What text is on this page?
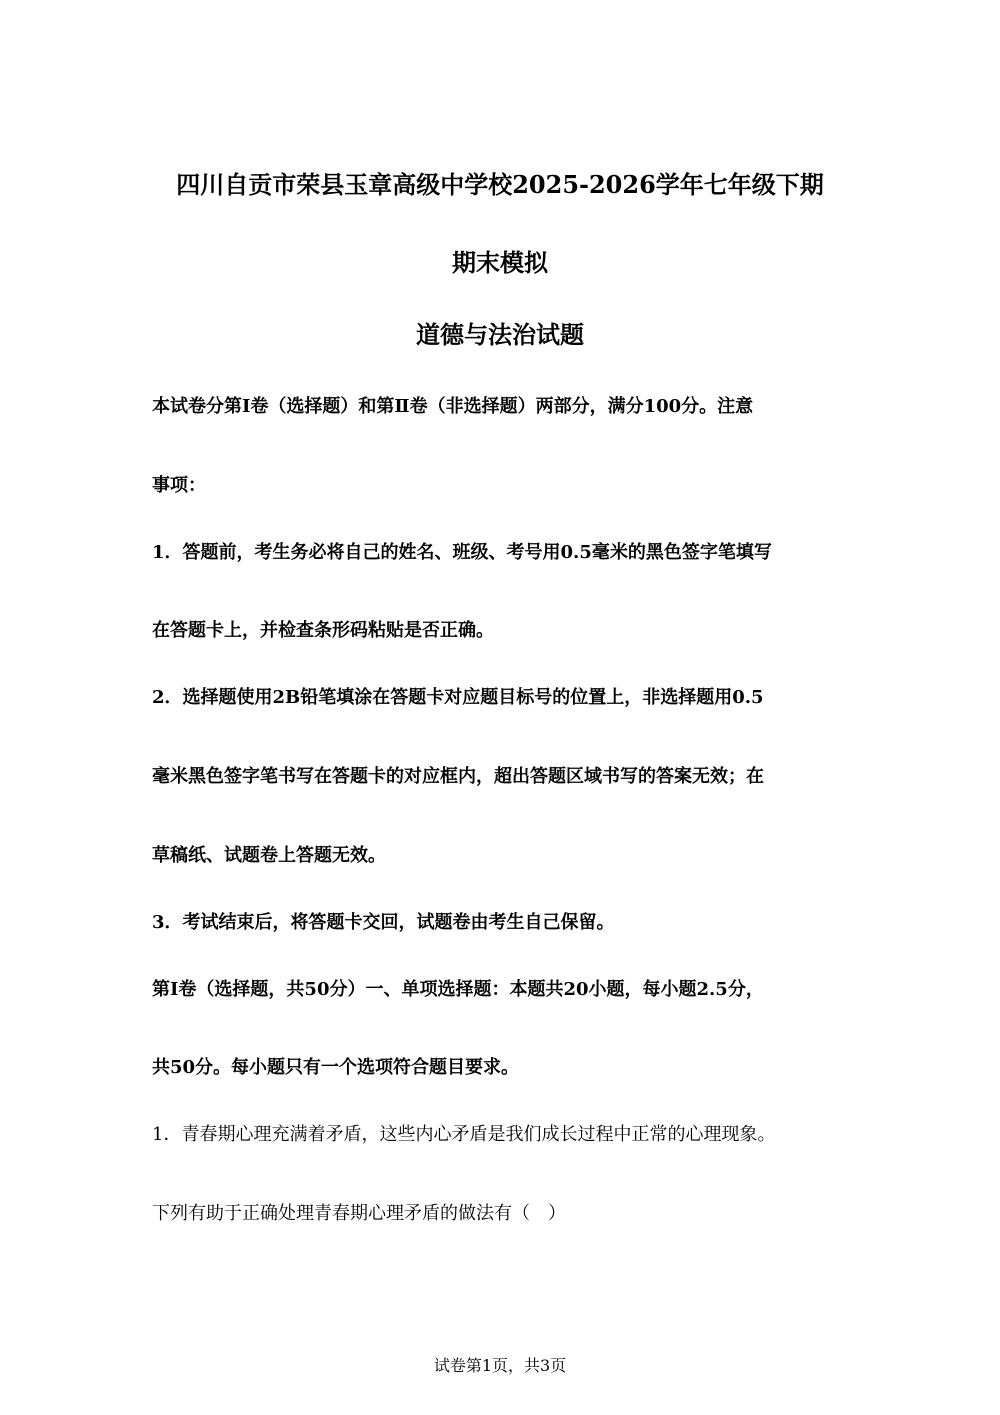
四川自贡市荣县玉章高级中学校2025-2026学年七年级下期
期末模拟
道德与法治试题
本试卷分第Ⅰ卷（选择题）和第Ⅱ卷（非选择题）两部分，满分100分。注意
事项：
1．答题前，考生务必将自己的姓名、班级、考号用0.5毫米的黑色签字笔填写
在答题卡上，并检查条形码粘贴是否正确。
2．选择题使用2B铅笔填涂在答题卡对应题目标号的位置上，非选择题用0.5
毫米黑色签字笔书写在答题卡的对应框内，超出答题区域书写的答案无效；在
草稿纸、试题卷上答题无效。
3．考试结束后，将答题卡交回，试题卷由考生自己保留。
第Ⅰ卷（选择题，共50分）一、单项选择题：本题共20小题，每小题2.5分，
共50分。每小题只有一个选项符合题目要求。
1．青春期心理充满着矛盾，这些内心矛盾是我们成长过程中正常的心理现象。
下列有助于正确处理青春期心理矛盾的做法有（　）
试卷第1页，共3页
